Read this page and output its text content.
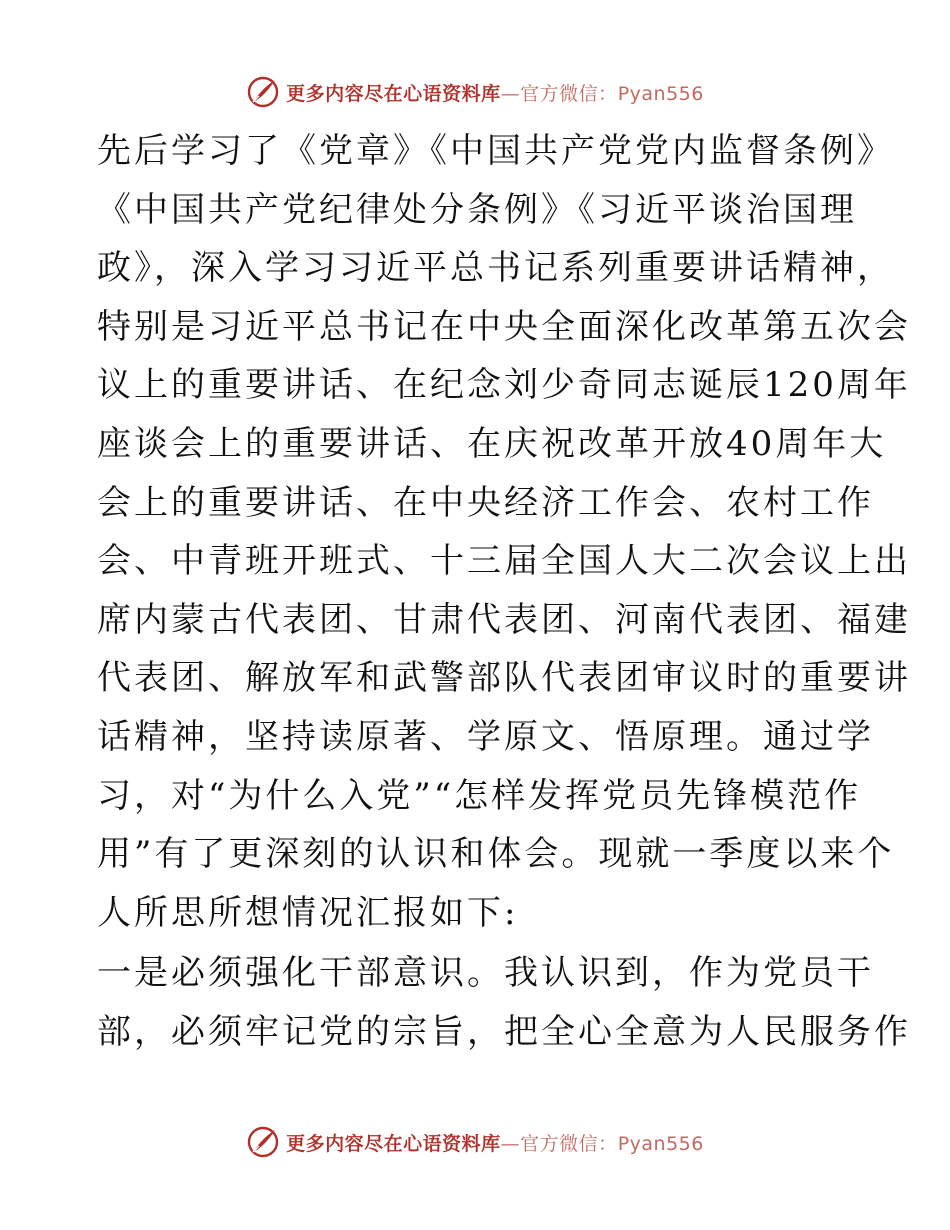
更多内容尽在心语资料库—官方微信：Pyan556
先后学习了《党章》《中国共产党党内监督条例》
《中国共产党纪律处分条例》《习近平谈治国理
政》，深入学习习近平总书记系列重要讲话精神，
特别是习近平总书记在中央全面深化改革第五次会
议上的重要讲话、在纪念刘少奇同志诞辰120周年
座谈会上的重要讲话、在庆祝改革开放40周年大
会上的重要讲话、在中央经济工作会、农村工作
会、中青班开班式、十三届全国人大二次会议上出
席内蒙古代表团、甘肃代表团、河南代表团、福建
代表团、解放军和武警部队代表团审议时的重要讲
话精神，坚持读原著、学原文、悟原理。通过学
习，对“为什么入党”“怎样发挥党员先锋模范作
用”有了更深刻的认识和体会。现就一季度以来个
人所思所想情况汇报如下:
一是必须强化干部意识。我认识到，作为党员干
部，必须牢记党的宗旨，把全心全意为人民服务作
更多内容尽在心语资料库—官方微信：Pyan556
